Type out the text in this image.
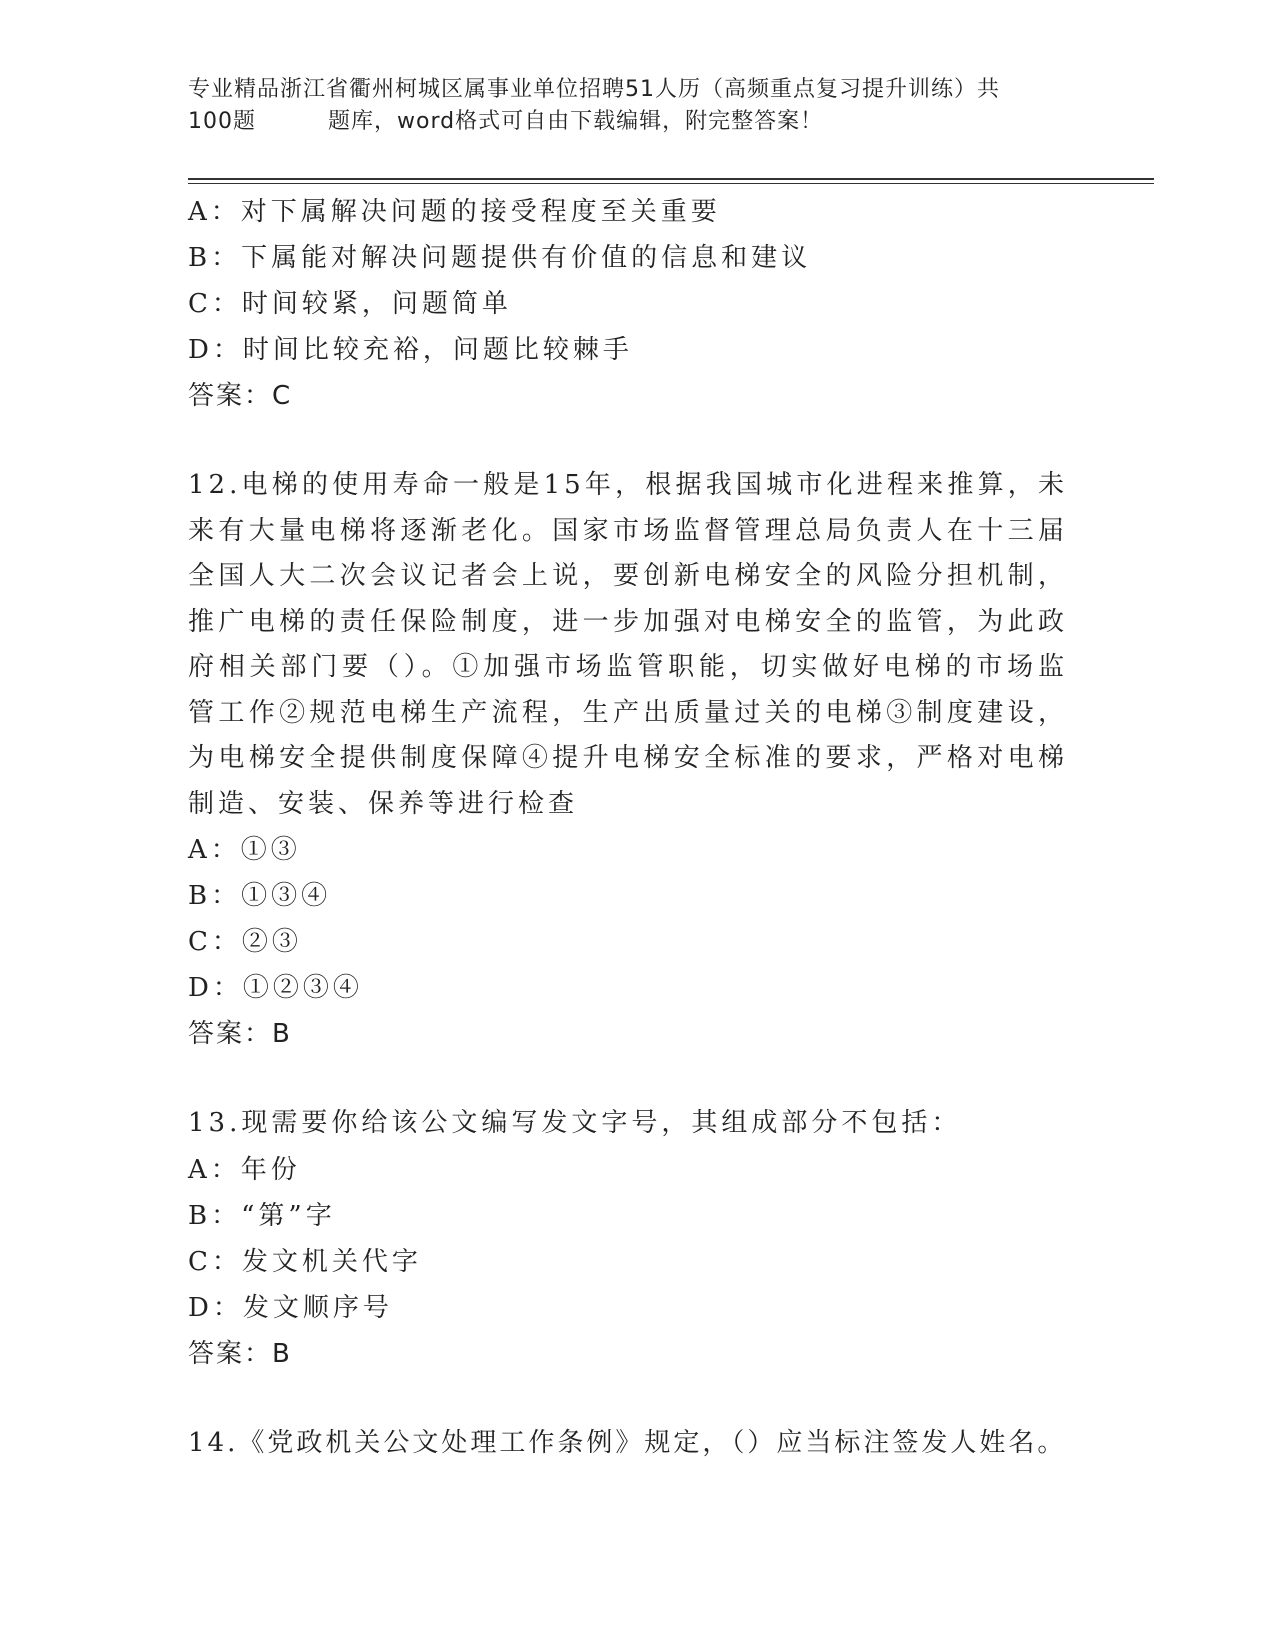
专业精品浙江省衢州柯城区属事业单位招聘51人历（高频重点复习提升训练）共
100题	题库，word格式可自由下载编辑，附完整答案！
A：对下属解决问题的接受程度至关重要
B：下属能对解决问题提供有价值的信息和建议
C：时间较紧，问题简单
D：时间比较充裕，问题比较棘手
答案：C
12.电梯的使用寿命一般是15年，根据我国城市化进程来推算，未来有大量电梯将逐渐老化。国家市场监督管理总局负责人在十三届全国人大二次会议记者会上说，要创新电梯安全的风险分担机制，推广电梯的责任保险制度，进一步加强对电梯安全的监管，为此政府相关部门要（）。①加强市场监管职能，切实做好电梯的市场监管工作②规范电梯生产流程，生产出质量过关的电梯③制度建设，为电梯安全提供制度保障④提升电梯安全标准的要求，严格对电梯制造、安装、保养等进行检查
A：①③
B：①③④
C：②③
D：①②③④
答案：B
13.现需要你给该公文编写发文字号，其组成部分不包括：
A：年份
B：“第”字
C：发文机关代字
D：发文顺序号
答案：B
14.《党政机关公文处理工作条例》规定，（）应当标注签发人姓名。
